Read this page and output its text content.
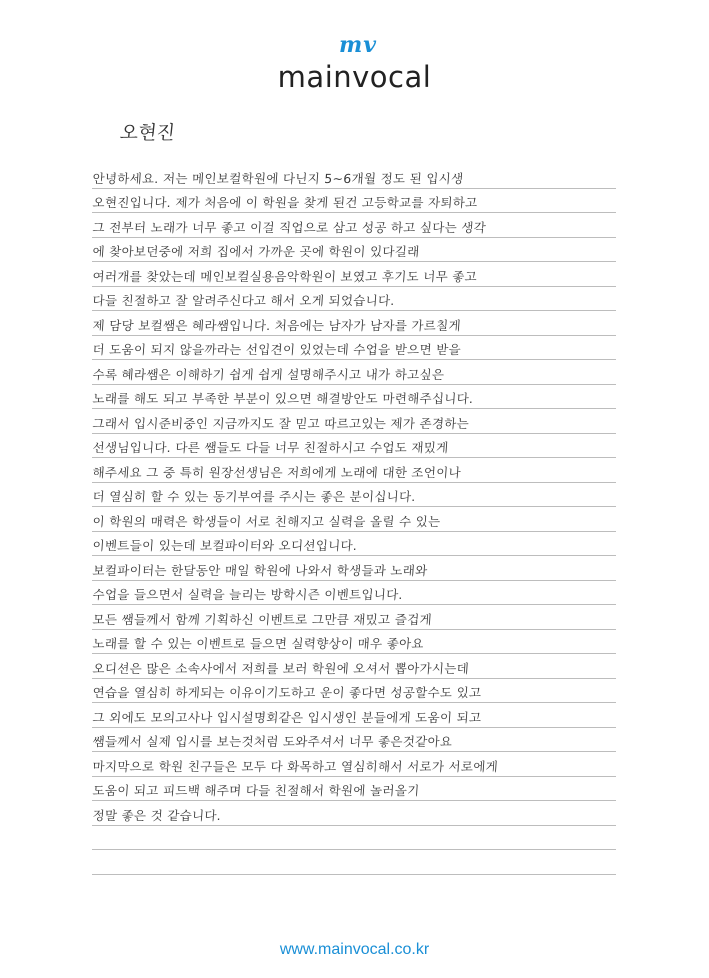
mv
mainvocal
오현진
안녕하세요. 저는 메인보컬학원에 다닌지 5~6개월 정도 된 입시생
오현진입니다. 제가 처음에 이 학원을 찾게 된건 고등학교를 자퇴하고
그 전부터 노래가 너무 좋고 이걸 직업으로 삼고 성공 하고 싶다는 생각
에 찾아보던중에 저희 집에서 가까운 곳에 학원이 있다길래
여러개를 찾았는데 메인보컬실용음악학원이 보였고 후기도 너무 좋고
다들 친절하고 잘 알려주신다고 해서 오게 되었습니다.
제 담당 보컬쌤은 혜라쌤입니다. 처음에는 남자가 남자를 가르칠게
더 도움이 되지 않을까라는 선입견이 있었는데 수업을 받으면 받을
수록 혜라쌤은 이해하기 쉽게 쉽게 설명해주시고 내가 하고싶은
노래를 해도 되고 부족한 부분이 있으면 해결방안도 마련해주십니다.
그래서 입시준비중인 지금까지도 잘 믿고 따르고있는 제가 존경하는
선생님입니다. 다른 쌤들도 다들 너무 친절하시고 수업도 재밌게
해주세요 그 중 특히 원장선생님은 저희에게 노래에 대한 조언이나
더 열심히 할 수 있는 동기부여를 주시는 좋은 분이십니다.
이 학원의 매력은 학생들이 서로 친해지고 실력을 올릴 수 있는
이벤트들이 있는데 보컬파이터와 오디션입니다.
보컬파이터는 한달동안 매일 학원에 나와서 학생들과 노래와
수업을 들으면서 실력을 늘리는 방학시즌 이벤트입니다.
모든 쌤들께서 함께 기획하신 이벤트로 그만큼 재밌고 즐겁게
노래를 할 수 있는 이벤트로 들으면 실력향상이 매우 좋아요
오디션은 많은 소속사에서 저희를 보러 학원에 오셔서 뽑아가시는데
연습을 열심히 하게되는 이유이기도하고 운이 좋다면 성공할수도 있고
그 외에도 모의고사나 입시설명회같은 입시생인 분들에게 도움이 되고
쌤들께서 실제 입시를 보는것처럼 도와주셔서 너무 좋은것같아요
마지막으로 학원 친구들은 모두 다 화목하고 열심히해서 서로가 서로에게
도움이 되고 피드백 해주며 다들 친절해서 학원에 놀러올기
정말 좋은 것 같습니다.
www.mainvocal.co.kr
